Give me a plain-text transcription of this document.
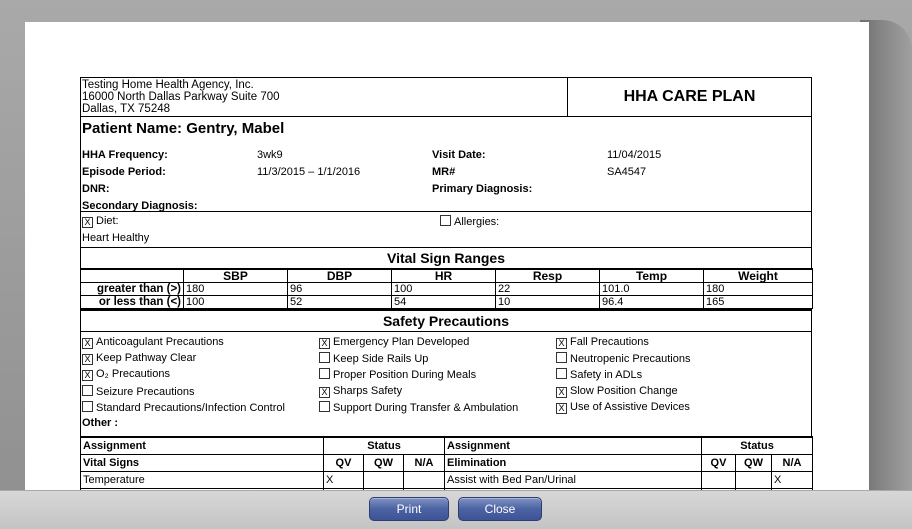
Testing Home Health Agency, Inc.
16000 North Dallas Parkway Suite 700
Dallas, TX 75248
HHA CARE PLAN
Patient Name: Gentry, Mabel
HHA Frequency:	3wk9	Visit Date:	11/04/2015
Episode Period:	11/3/2015 – 1/1/2016	MR#	SA4547
DNR:	Primary Diagnosis:
Secondary Diagnosis:
X Diet:	Allergies:
Heart Healthy
Vital Sign Ranges
	SBP	DBP	HR	Resp	Temp	Weight
greater than (>)	180	96	100	22	101.0	180
or less than (<)	100	52	54	10	96.4	165
Safety Precautions
X Anticoagulant Precautions
X Keep Pathway Clear
X O₂ Precautions
Seizure Precautions
Standard Precautions/Infection Control
X Emergency Plan Developed
Keep Side Rails Up
Proper Position During Meals
X Sharps Safety
Support During Transfer & Ambulation
X Fall Precautions
Neutropenic Precautions
Safety in ADLs
X Slow Position Change
X Use of Assistive Devices
Other :
Assignment	Status			Assignment	Status		
Vital Signs	QV	QW	N/A	Elimination	QV	QW	N/A
Temperature	X			Assist with Bed Pan/Urinal			X

Print	Close
